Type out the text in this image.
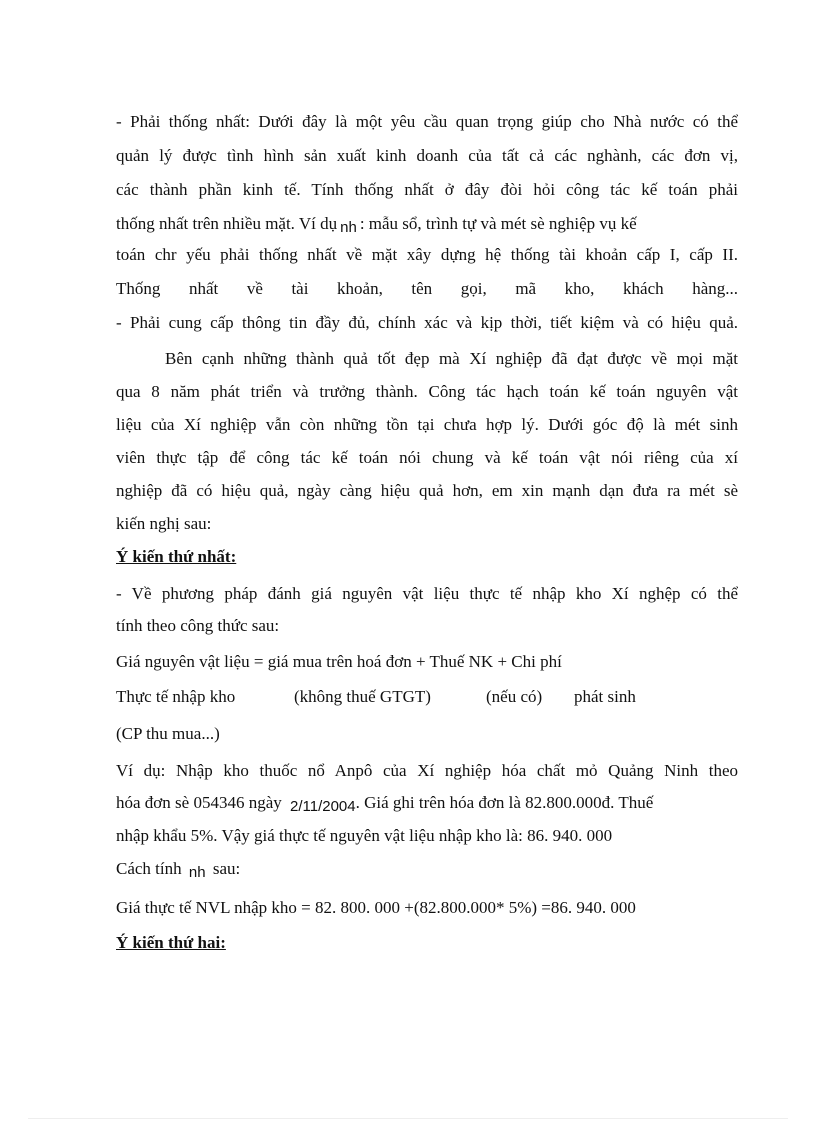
- Phải thống nhất: Dưới đây là một yêu cầu quan trọng giúp cho Nhà nước có thể
quản lý được tình hình sản xuất kinh doanh của tất cả các nghành, các đơn vị,
các thành phần kinh tế. Tính thống nhất ở đây đòi hỏi công tác kế toán phải
thống nhất trên nhiều mặt. Ví dụ nh : mẫu sổ, trình tự và mét sè nghiệp vụ kế
toán chr yếu phải thống nhất về mặt xây dựng hệ thống tài khoản cấp I, cấp II.
Thống nhất về tài khoản, tên gọi, mã kho, khách hàng...
- Phải cung cấp thông tin đầy đủ, chính xác và kịp thời, tiết kiệm và có hiệu quả.
Bên cạnh những thành quả tốt đẹp mà Xí nghiệp đã đạt được về mọi mặt
qua 8 năm phát triển và trưởng thành. Công tác hạch toán kế toán nguyên vật
liệu của Xí nghiệp vẫn còn những tồn tại chưa hợp lý. Dưới góc độ là mét sinh
viên thực tập để công tác kế toán nói chung và kế toán vật nói riêng của xí
nghiệp đã có hiệu quả, ngày càng hiệu quả hơn, em xin mạnh dạn đưa ra mét sè
kiến nghị sau:
Ý kiến thứ nhất:
- Về phương pháp đánh giá nguyên vật liệu thực tế nhập kho Xí nghệp có thể
tính theo công thức sau:
Giá nguyên vật liệu = giá mua trên hoá đơn + Thuế NK + Chi phí
Thực tế nhập kho	(không thuế GTGT)	(nếu có) phát sinh
(CP thu mua...)
Ví dụ: Nhập kho thuốc nổ Anpô của Xí nghiệp hóa chất mỏ Quảng Ninh theo
hóa đơn sè 054346 ngày 2/11/2004. Giá ghi trên hóa đơn là 82.800.000đ. Thuế
nhập khẩu 5%. Vậy giá thực tế nguyên vật liệu nhập kho là: 86. 940. 000
Cách tính nh sau:
Giá thực tế NVL nhập kho = 82. 800. 000 +(82.800.000* 5%) =86. 940. 000
Ý kiến thứ hai:
